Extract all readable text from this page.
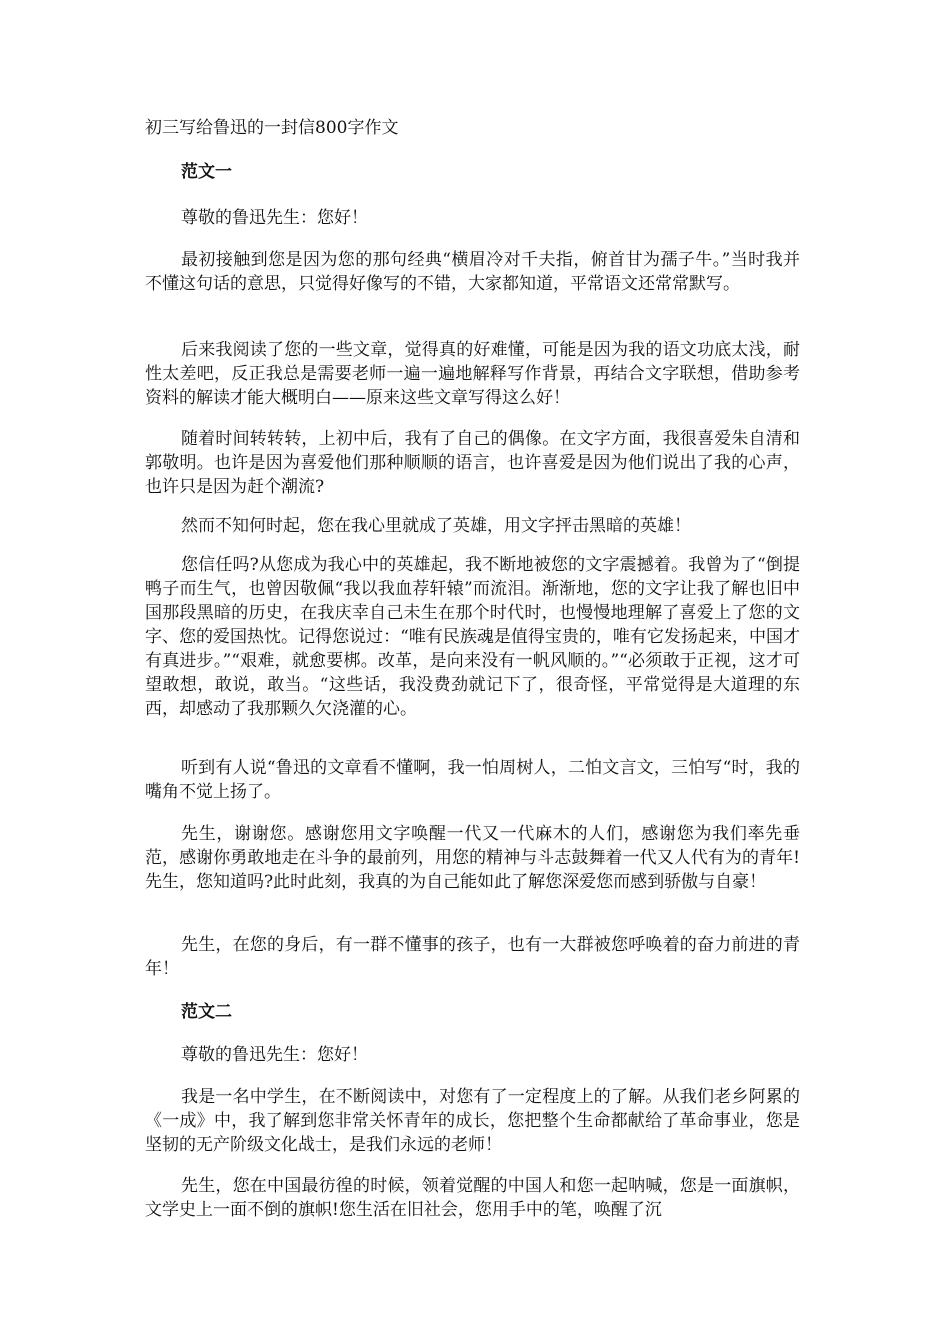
初三写给鲁迅的一封信800字作文
范文一

尊敬的鲁迅先生：您好！

最初接触到您是因为您的那句经典“横眉冷对千夫指，俯首甘为孺子牛。”当时我并不懂这句话的意思，只觉得好像写的不错，大家都知道，平常语文还常常默写。

后来我阅读了您的一些文章，觉得真的好难懂，可能是因为我的语文功底太浅，耐性太差吧，反正我总是需要老师一遍一遍地解释写作背景，再结合文字联想，借助参考资料的解读才能大概明白——原来这些文章写得这么好！

随着时间转转转，上初中后，我有了自己的偶像。在文字方面，我很喜爱朱自清和郭敬明。也许是因为喜爱他们那种顺顺的语言，也许喜爱是因为他们说出了我的心声，也许只是因为赶个潮流?

然而不知何时起，您在我心里就成了英雄，用文字抨击黑暗的英雄！

您信任吗?从您成为我心中的英雄起，我不断地被您的文字震撼着。我曾为了“倒提鸭子而生气，也曾因敬佩“我以我血荐轩辕”而流泪。渐渐地，您的文字让我了解也旧中国那段黑暗的历史，在我庆幸自己未生在那个时代时，也慢慢地理解了喜爱上了您的文字、您的爱国热忱。记得您说过：“唯有民族魂是值得宝贵的，唯有它发扬起来，中国才有真进步。”“艰难，就愈要梆。改革，是向来没有一帆风顺的。”“必须敢于正视，这才可望敢想，敢说，敢当。“这些话，我没费劲就记下了，很奇怪，平常觉得是大道理的东西，却感动了我那颗久欠浇灌的心。

听到有人说“鲁迅的文章看不懂啊，我一怕周树人，二怕文言文，三怕写“时，我的嘴角不觉上扬了。

先生，谢谢您。感谢您用文字唤醒一代又一代麻木的人们，感谢您为我们率先垂范，感谢你勇敢地走在斗争的最前列，用您的精神与斗志鼓舞着一代又人代有为的青年!先生，您知道吗?此时此刻，我真的为自己能如此了解您深爱您而感到骄傲与自豪！

先生，在您的身后，有一群不懂事的孩子，也有一大群被您呼唤着的奋力前进的青年！

范文二

尊敬的鲁迅先生：您好！

我是一名中学生，在不断阅读中，对您有了一定程度上的了解。从我们老乡阿累的《一成》中，我了解到您非常关怀青年的成长，您把整个生命都献给了革命事业，您是坚韧的无产阶级文化战士，是我们永远的老师！

先生，您在中国最彷徨的时候，领着觉醒的中国人和您一起呐喊，您是一面旗帜，文学史上一面不倒的旗帜!您生活在旧社会，您用手中的笔，唤醒了沉
